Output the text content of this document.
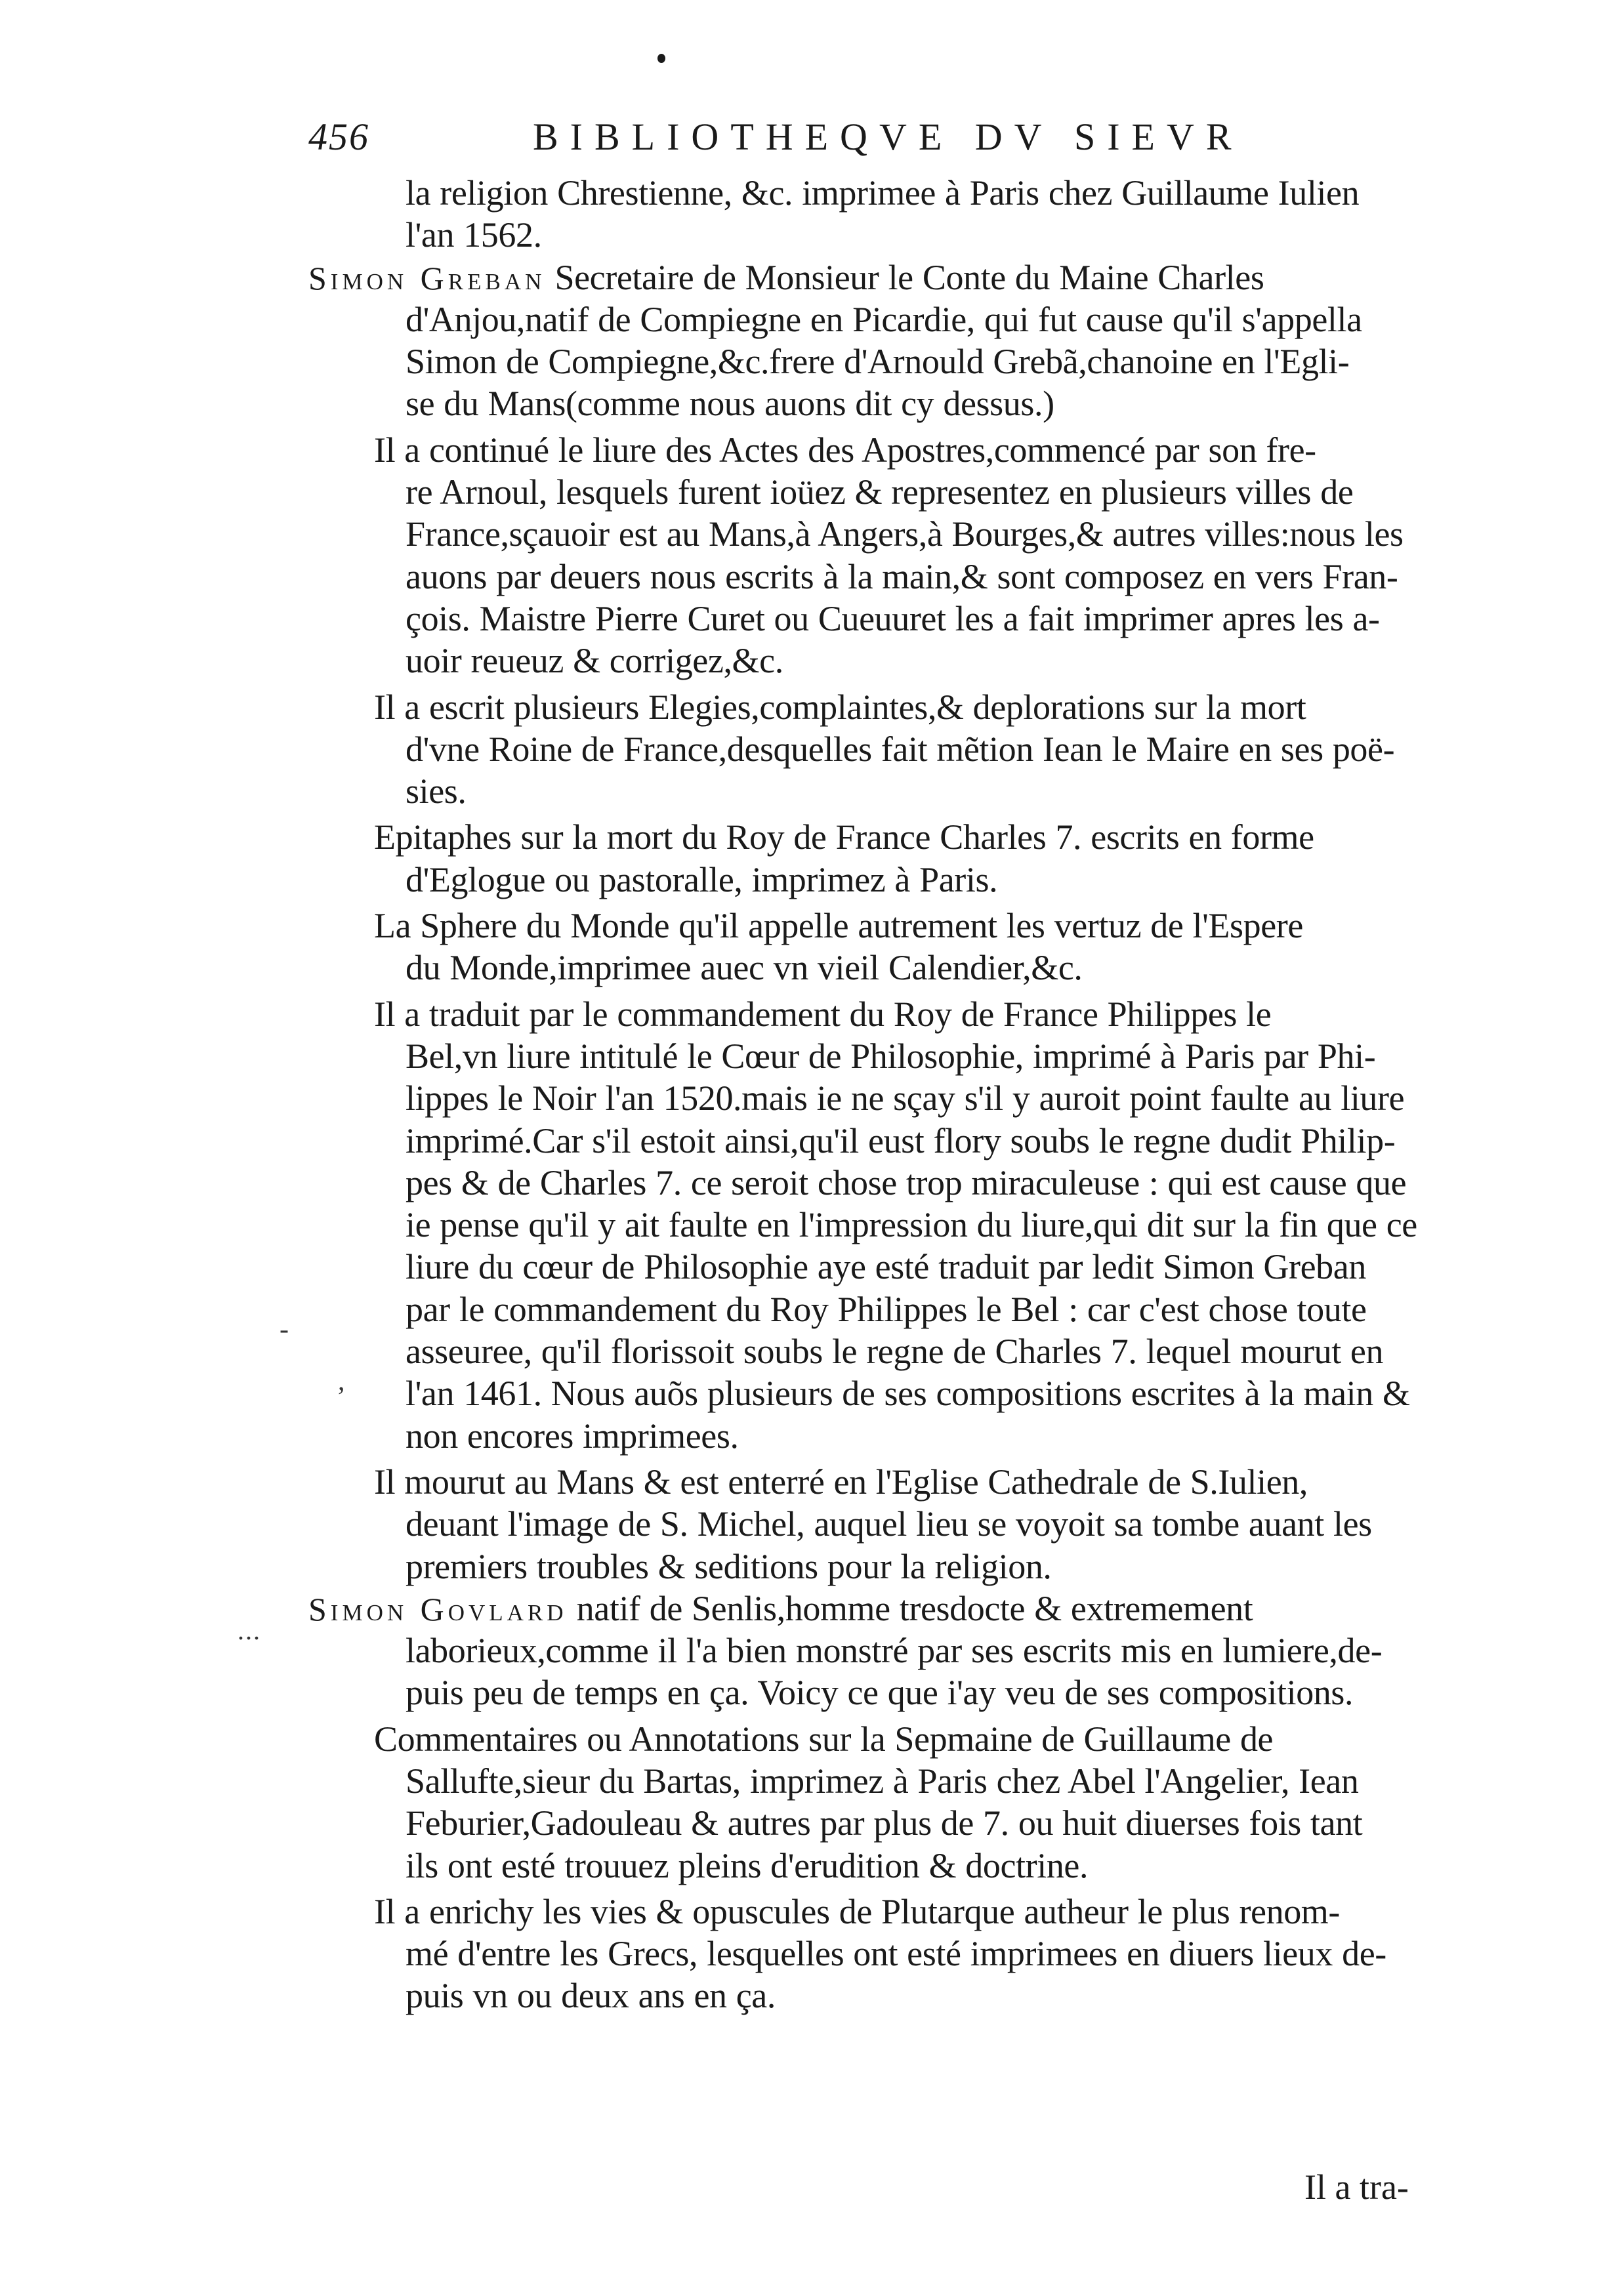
456	BIBLIOTHEQVE DV SIEVR
la religion Chrestienne, &c. imprimee à Paris chez Guillaume Iulien
l'an 1562.
Simon Greban Secretaire de Monsieur le Conte du Maine Charles
d'Anjou,natif de Compiegne en Picardie, qui fut cause qu'il s'appella
Simon de Compiegne,&c.frere d'Arnould Grebã,chanoine en l'Egli-
se du Mans(comme nous auons dit cy dessus.)
Il a continué le liure des Actes des Apostres,commencé par son fre-
re Arnoul, lesquels furent ioüez & representez en plusieurs villes de
France,sçauoir est au Mans,à Angers,à Bourges,& autres villes:nous les
auons par deuers nous escrits à la main,& sont composez en vers Fran-
çois. Maistre Pierre Curet ou Cueuuret les a fait imprimer apres les a-
uoir reueuz & corrigez,&c.
Il a escrit plusieurs Elegies,complaintes,& deplorations sur la mort
d'vne Roine de France,desquelles fait mẽtion Iean le Maire en ses poë-
sies.
Epitaphes sur la mort du Roy de France Charles 7. escrits en forme
d'Eglogue ou pastoralle, imprimez à Paris.
La Sphere du Monde qu'il appelle autrement les vertuz de l'Espere
du Monde,imprimee auec vn vieil Calendier,&c.
Il a traduit par le commandement du Roy de France Philippes le
Bel,vn liure intitulé le Cœur de Philosophie, imprimé à Paris par Phi-
lippes le Noir l'an 1520.mais ie ne sçay s'il y auroit point faulte au liure
imprimé.Car s'il estoit ainsi,qu'il eust flory soubs le regne dudit Philip-
pes & de Charles 7. ce seroit chose trop miraculeuse : qui est cause que
ie pense qu'il y ait faulte en l'impression du liure,qui dit sur la fin que ce
liure du cœur de Philosophie aye esté traduit par ledit Simon Greban
par le commandement du Roy Philippes le Bel : car c'est chose toute
asseuree, qu'il florissoit soubs le regne de Charles 7. lequel mourut en
l'an 1461. Nous auõs plusieurs de ses compositions escrites à la main &
non encores imprimees.
Il mourut au Mans & est enterré en l'Eglise Cathedrale de S.Iulien,
deuant l'image de S. Michel, auquel lieu se voyoit sa tombe auant les
premiers troubles & seditions pour la religion.
Simon Govlard natif de Senlis,homme tresdocte & extremement
laborieux,comme il l'a bien monstré par ses escrits mis en lumiere,de-
puis peu de temps en ça. Voicy ce que i'ay veu de ses compositions.
Commentaires ou Annotations sur la Sepmaine de Guillaume de
Sallufte,sieur du Bartas, imprimez à Paris chez Abel l'Angelier, Iean
Feburier,Gadouleau & autres par plus de 7. ou huit diuerses fois tant
ils ont esté trouuez pleins d'erudition & doctrine.
Il a enrichy les vies & opuscules de Plutarque autheur le plus renom-
mé d'entre les Grecs, lesquelles ont esté imprimees en diuers lieux de-
puis vn ou deux ans en ça.
-
,
...
Il a tra-
